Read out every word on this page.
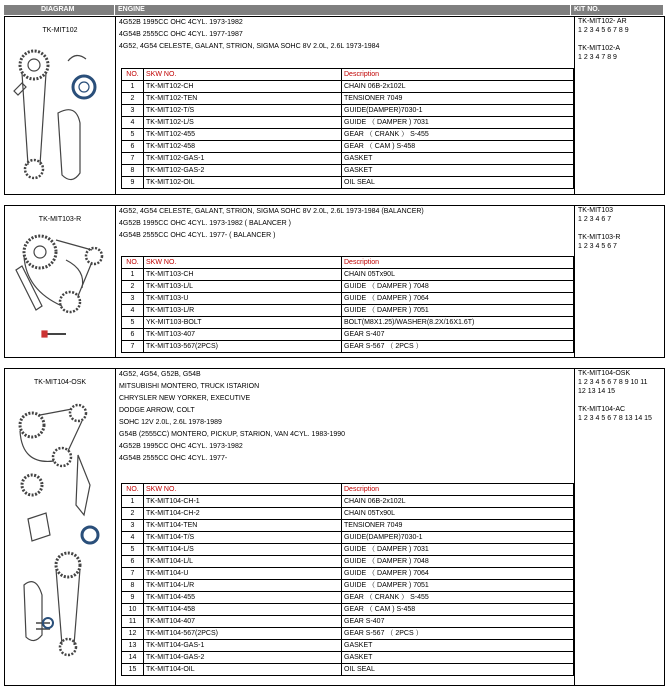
DIAGRAM	ENGINE	KIT NO.
TK-MIT102
4G52B 1995CC OHC 4CYL. 1973-1982
4G54B 2555CC OHC 4CYL. 1977-1987
4G52, 4G54 CELESTE, GALANT, STRION, SIGMA SOHC 8V 2.0L, 2.6L 1973-1984
NO.	SKW NO.	Description
1	TK-MIT102-CH	CHAIN 06B-2x102L
2	TK-MIT102-TEN	TENSIONER 7049
3	TK-MIT102-T/S	GUIDE(DAMPER)7030-1
4	TK-MIT102-L/S	GUIDE （ DAMPER ) 7031
5	TK-MIT102-455	GEAR （ CRANK ） S-455
6	TK-MIT102-458	GEAR （ CAM ) S-458
7	TK-MIT102-GAS-1	GASKET
8	TK-MIT102-GAS-2	GASKET
9	TK-MIT102-OIL	OIL SEAL
TK-MIT102- AR
1 2 3 4 5 6 7 8 9

TK-MIT102-A
1 2 3 4 7 8 9
TK-MIT103-R
4G52, 4G54 CELESTE, GALANT, STRION, SIGMA SOHC 8V 2.0L, 2.6L 1973-1984 (BALANCER)
4G52B 1995CC OHC 4CYL. 1973-1982 ( BALANCER )
4G54B 2555CC OHC 4CYL. 1977- ( BALANCER )
NO.	SKW NO.	Description
1	TK-MIT103-CH	CHAIN 05Tx90L
2	TK-MIT103-L/L	GUIDE （ DAMPER ) 7048
3	TK-MIT103-U	GUIDE （ DAMPER ) 7064
4	TK-MIT103-L/R	GUIDE （ DAMPER ) 7051
5	YK-MIT103-BOLT	BOLT(M8X1.25)/WASHER(8.2X/16X1.6T)
6	TK-MIT103-407	GEAR S-407
7	TK-MIT103-567(2PCS)	GEAR S-567 （ 2PCS ）
TK-MIT103
1 2 3 4 6 7

TK-MIT103-R
1 2 3 4 5 6 7
TK-MIT104-OSK
4G52, 4G54, G52B, G54B
MITSUBISHI MONTERO, TRUCK ISTARION
CHRYSLER NEW YORKER, EXECUTIVE
DODGE ARROW, COLT
SOHC 12V 2.0L, 2.6L 1978-1989
G54B (2555CC) MONTERO, PICKUP, STARION, VAN 4CYL. 1983-1990
4G52B 1995CC OHC 4CYL. 1973-1982
4G54B 2555CC OHC 4CYL. 1977-
NO.	SKW NO.	Description
1	TK-MIT104-CH-1	CHAIN 06B-2x102L
2	TK-MIT104-CH-2	CHAIN 05Tx90L
3	TK-MIT104-TEN	TENSIONER 7049
4	TK-MIT104-T/S	GUIDE(DAMPER)7030-1
5	TK-MIT104-L/S	GUIDE （ DAMPER ) 7031
6	TK-MIT104-L/L	GUIDE （ DAMPER ) 7048
7	TK-MIT104-U	GUIDE （ DAMPER ) 7064
8	TK-MIT104-L/R	GUIDE （ DAMPER ) 7051
9	TK-MIT104-455	GEAR （ CRANK ） S-455
10	TK-MIT104-458	GEAR （ CAM ) S-458
11	TK-MIT104-407	GEAR S-407
12	TK-MIT104-567(2PCS)	GEAR S-567 （ 2PCS ）
13	TK-MIT104-GAS-1	GASKET
14	TK-MIT104-GAS-2	GASKET
15	TK-MIT104-OIL	OIL SEAL
TK-MIT104-OSK
1 2 3 4 5 6 7 8 9 10 11
12 13 14 15

TK-MIT104-AC
1 2 3 4 5 6 7 8 13 14 15
